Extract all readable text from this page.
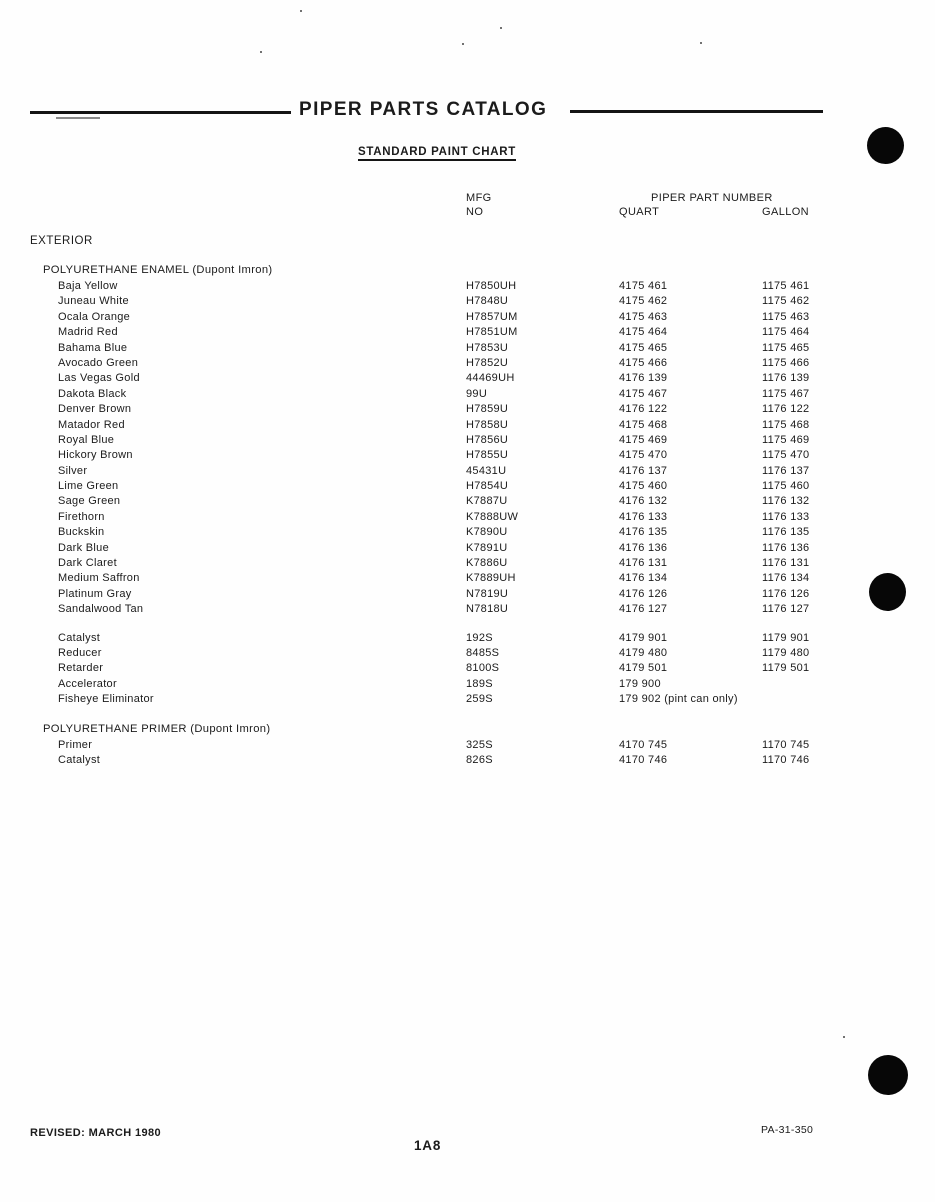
PIPER PARTS CATALOG
STANDARD PAINT CHART
MFG
NO
PIPER PART NUMBER
QUART	GALLON
EXTERIOR
POLYURETHANE ENAMEL (Dupont Imron)
Baja Yellow	H7850UH	4175 461	1175 461
Juneau White	H7848U	4175 462	1175 462
Ocala Orange	H7857UM	4175 463	1175 463
Madrid Red	H7851UM	4175 464	1175 464
Bahama Blue	H7853U	4175 465	1175 465
Avocado Green	H7852U	4175 466	1175 466
Las Vegas Gold	44469UH	4176 139	1176 139
Dakota Black	99U	4175 467	1175 467
Denver Brown	H7859U	4176 122	1176 122
Matador Red	H7858U	4175 468	1175 468
Royal Blue	H7856U	4175 469	1175 469
Hickory Brown	H7855U	4175 470	1175 470
Silver	45431U	4176 137	1176 137
Lime Green	H7854U	4175 460	1175 460
Sage Green	K7887U	4176 132	1176 132
Firethorn	K7888UW	4176 133	1176 133
Buckskin	K7890U	4176 135	1176 135
Dark Blue	K7891U	4176 136	1176 136
Dark Claret	K7886U	4176 131	1176 131
Medium Saffron	K7889UH	4176 134	1176 134
Platinum Gray	N7819U	4176 126	1176 126
Sandalwood Tan	N7818U	4176 127	1176 127
Catalyst	192S	4179 901	1179 901
Reducer	8485S	4179 480	1179 480
Retarder	8100S	4179 501	1179 501
Accelerator	189S	179 900
Fisheye Eliminator	259S	179 902 (pint can only)
POLYURETHANE PRIMER (Dupont Imron)
Primer	325S	4170 745	1170 745
Catalyst	826S	4170 746	1170 746
REVISED: MARCH 1980	PA-31-350
1A8
